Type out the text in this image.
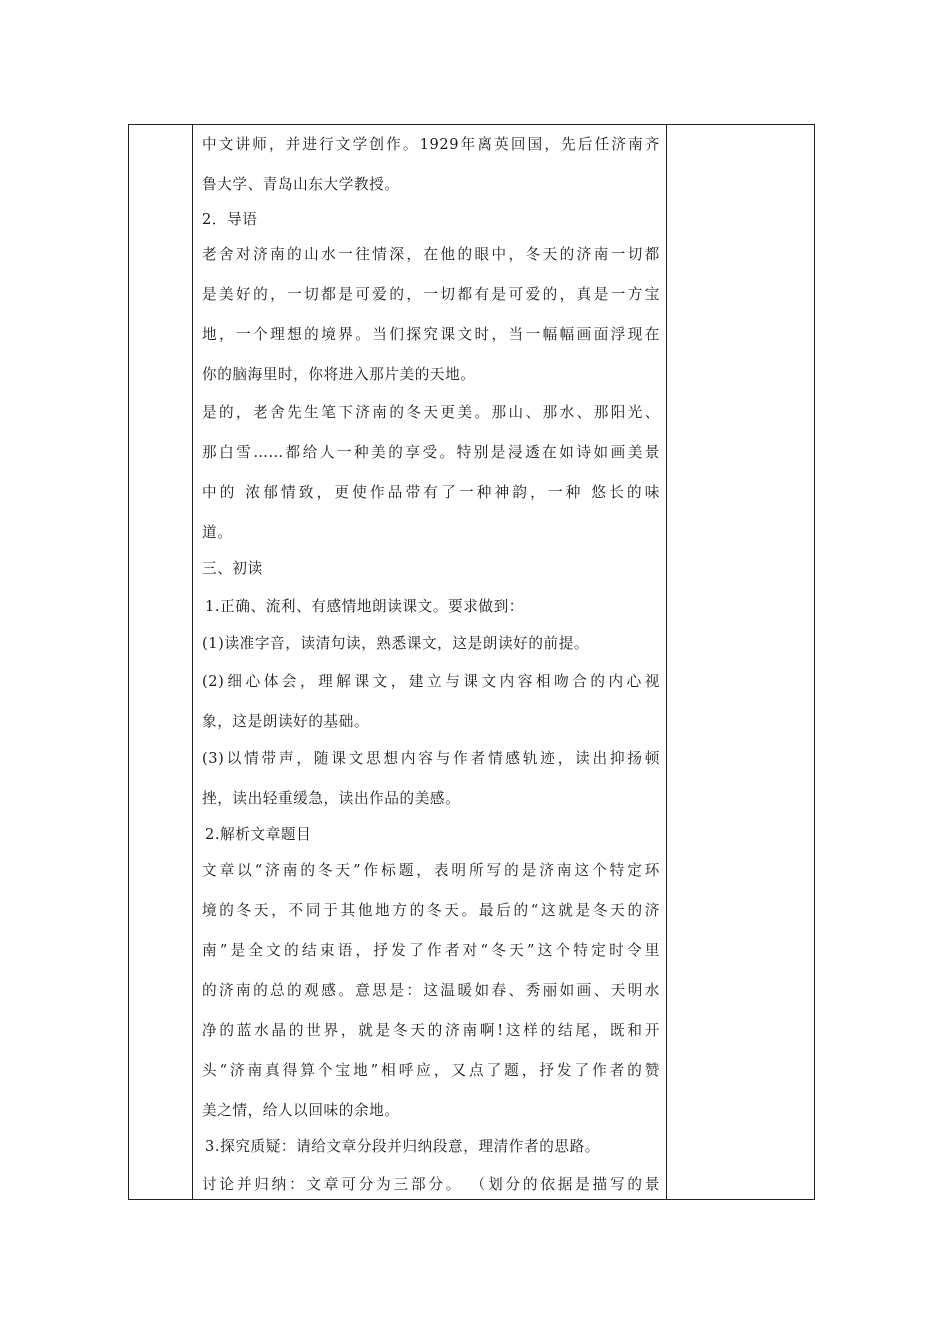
中文讲师，并进行文学创作。1929年离英回国，先后任济南齐
鲁大学、青岛山东大学教授。
2．导语
老舍对济南的山水一往情深，在他的眼中，冬天的济南一切都
是美好的，一切都是可爱的，一切都有是可爱的，真是一方宝
地，一个理想的境界。当们探究课文时，当一幅幅画面浮现在
你的脑海里时，你将进入那片美的天地。
是的，老舍先生笔下济南的冬天更美。那山、那水、那阳光、
那白雪……都给人一种美的享受。特别是浸透在如诗如画美景
中的 浓郁情致，更使作品带有了一种神韵，一种 悠长的味
道。
三、初读
1.正确、流利、有感情地朗读课文。要求做到：
(1)读准字音，读清句读，熟悉课文，这是朗读好的前提。
(2)细心体会，理解课文，建立与课文内容相吻合的内心视
象，这是朗读好的基础。
(3)以情带声，随课文思想内容与作者情感轨迹，读出抑扬顿
挫，读出轻重缓急，读出作品的美感。
2.解析文章题目
文章以“济南的冬天”作标题，表明所写的是济南这个特定环
境的冬天，不同于其他地方的冬天。最后的“这就是冬天的济
南”是全文的结束语，抒发了作者对“冬天”这个特定时令里
的济南的总的观感。意思是：这温暖如春、秀丽如画、天明水
净的蓝水晶的世界，就是冬天的济南啊!这样的结尾，既和开
头“济南真得算个宝地”相呼应，又点了题，抒发了作者的赞
美之情，给人以回味的余地。
3.探究质疑：请给文章分段并归纳段意，理清作者的思路。
讨论并归纳：文章可分为三部分。 （划分的依据是描写的景
